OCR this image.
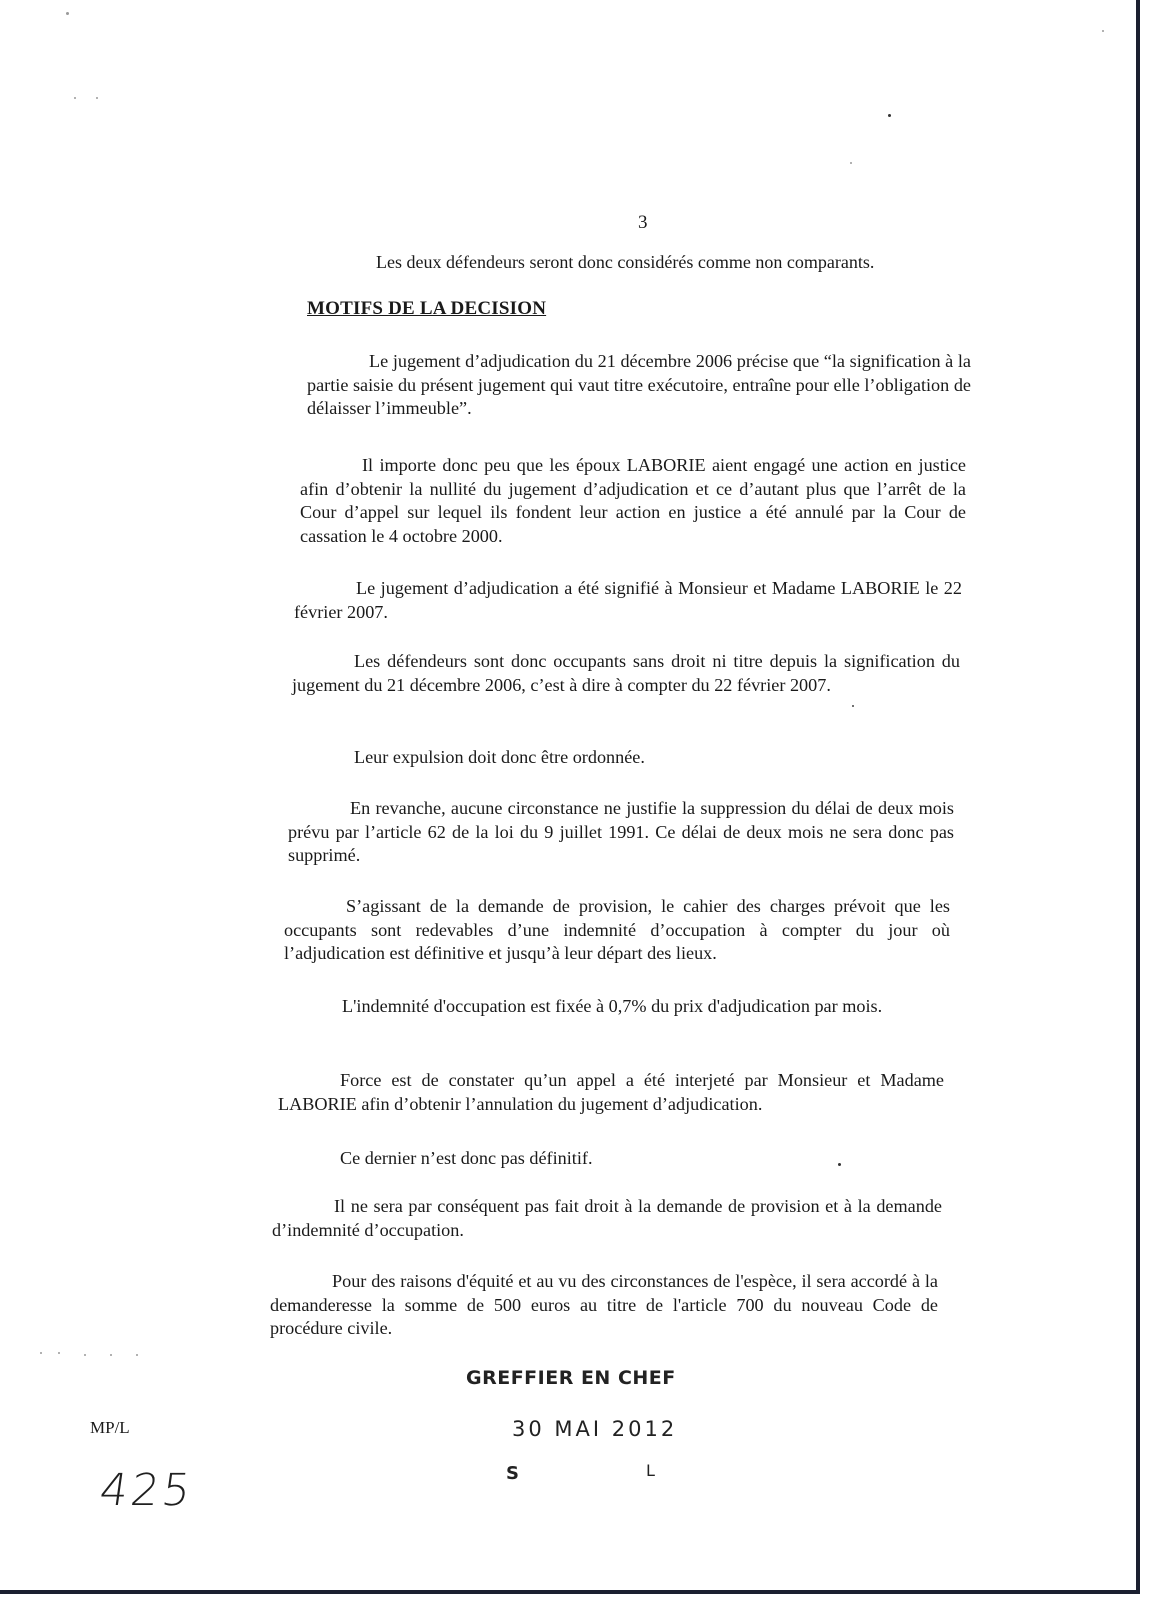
3
Les deux défendeurs seront donc considérés comme non comparants.
MOTIFS DE LA DECISION

Le jugement d’adjudication du 21 décembre 2006 précise que “la signification à la partie saisie du présent jugement qui vaut titre exécutoire, entraîne pour elle l’obligation de délaisser l’immeuble”.

Il importe donc peu que les époux LABORIE aient engagé une action en justice afin d’obtenir la nullité du jugement d’adjudication et ce d’autant plus que l’arrêt de la Cour d’appel sur lequel ils fondent leur action en justice a été annulé par la Cour de cassation le 4 octobre 2000.

Le jugement d’adjudication a été signifié à Monsieur et Madame LABORIE le 22 février 2007.

Les défendeurs sont donc occupants sans droit ni titre depuis la signification du jugement du 21 décembre 2006, c’est à dire à compter du 22 février 2007.

Leur expulsion doit donc être ordonnée.

En revanche, aucune circonstance ne justifie la suppression du délai de deux mois prévu par l’article 62 de la loi du 9 juillet 1991. Ce délai de deux mois ne sera donc pas supprimé.

S’agissant de la demande de provision, le cahier des charges prévoit que les occupants sont redevables d’une indemnité d’occupation à compter du jour où l’adjudication est définitive et jusqu’à leur départ des lieux.

L'indemnité d'occupation est fixée à 0,7% du prix d'adjudication par mois.

Force est de constater qu’un appel a été interjeté par Monsieur et Madame LABORIE afin d’obtenir l’annulation du jugement d’adjudication.

Ce dernier n’est donc pas définitif.

Il ne sera par conséquent pas fait droit à la demande de provision et à la demande d’indemnité d’occupation.

Pour des raisons d'équité et au vu des circonstances de l'espèce, il sera accordé à la demanderesse la somme de 500 euros au titre de l'article 700 du nouveau Code de procédure civile.

GREFFIER EN CHEF
30 MAI 2012
S	L
MP/L
425
